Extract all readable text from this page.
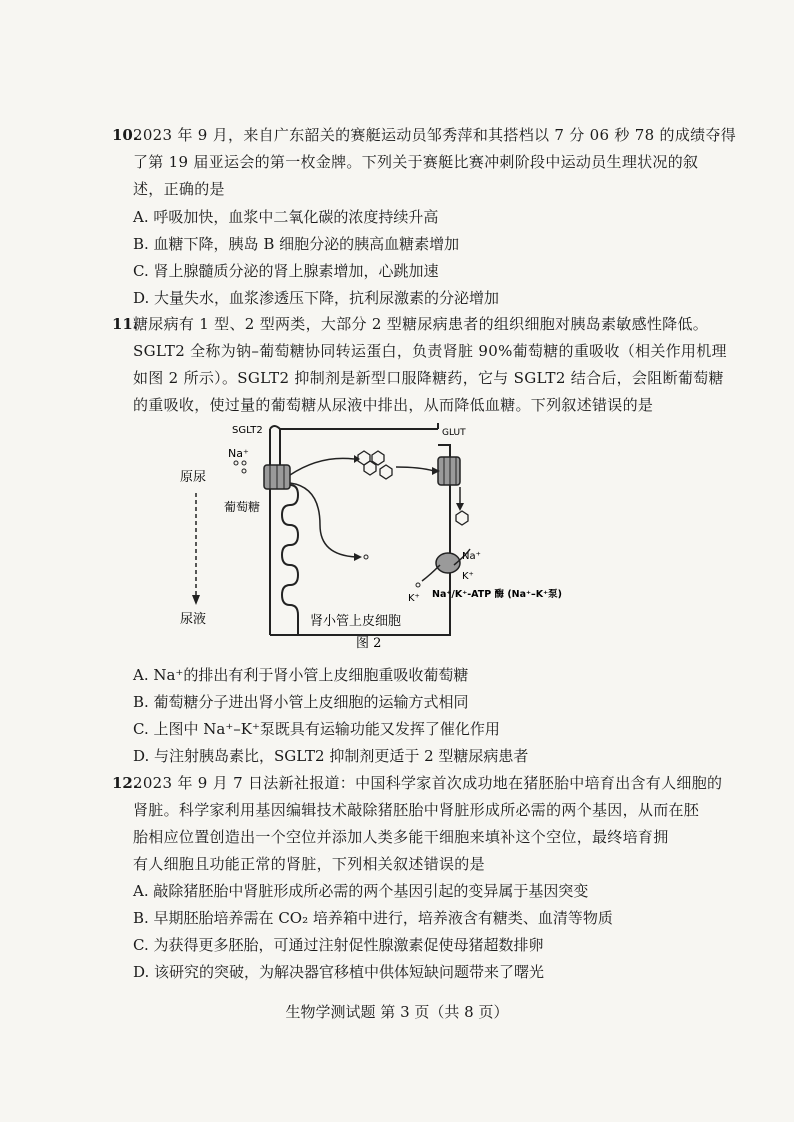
10.
2023 年 9 月，来自广东韶关的赛艇运动员邹秀萍和其搭档以 7 分 06 秒 78 的成绩夺得
了第 19 届亚运会的第一枚金牌。下列关于赛艇比赛冲刺阶段中运动员生理状况的叙
述，正确的是
A. 呼吸加快，血浆中二氧化碳的浓度持续升高
B. 血糖下降，胰岛 B 细胞分泌的胰高血糖素增加
C. 肾上腺髓质分泌的肾上腺素增加，心跳加速
D. 大量失水，血浆渗透压下降，抗利尿激素的分泌增加
11.
糖尿病有 1 型、2 型两类，大部分 2 型糖尿病患者的组织细胞对胰岛素敏感性降低。
SGLT2 全称为钠–葡萄糖协同转运蛋白，负责肾脏 90%葡萄糖的重吸收（相关作用机理
如图 2 所示）。SGLT2 抑制剂是新型口服降糖药，它与 SGLT2 结合后，会阻断葡萄糖
的重吸收，使过量的葡萄糖从尿液中排出，从而降低血糖。下列叙述错误的是
SGLT2	GLUT
Na⁺
Na⁺
K⁺
K⁺
葡萄糖
原尿
尿液	肾小管上皮细胞
Na⁺/K⁺-ATP 酶 (Na⁺–K⁺泵)
图 2
A. Na⁺的排出有利于肾小管上皮细胞重吸收葡萄糖
B. 葡萄糖分子进出肾小管上皮细胞的运输方式相同
C. 上图中 Na⁺–K⁺泵既具有运输功能又发挥了催化作用
D. 与注射胰岛素比，SGLT2 抑制剂更适于 2 型糖尿病患者
12.
2023 年 9 月 7 日法新社报道：中国科学家首次成功地在猪胚胎中培育出含有人细胞的
肾脏。科学家利用基因编辑技术敲除猪胚胎中肾脏形成所必需的两个基因，从而在胚
胎相应位置创造出一个空位并添加人类多能干细胞来填补这个空位，最终培育拥
有人细胞且功能正常的肾脏，下列相关叙述错误的是
A. 敲除猪胚胎中肾脏形成所必需的两个基因引起的变异属于基因突变
B. 早期胚胎培养需在 CO₂ 培养箱中进行，培养液含有糖类、血清等物质
C. 为获得更多胚胎，可通过注射促性腺激素促使母猪超数排卵
D. 该研究的突破，为解决器官移植中供体短缺问题带来了曙光
生物学测试题 第 3 页（共 8 页）
